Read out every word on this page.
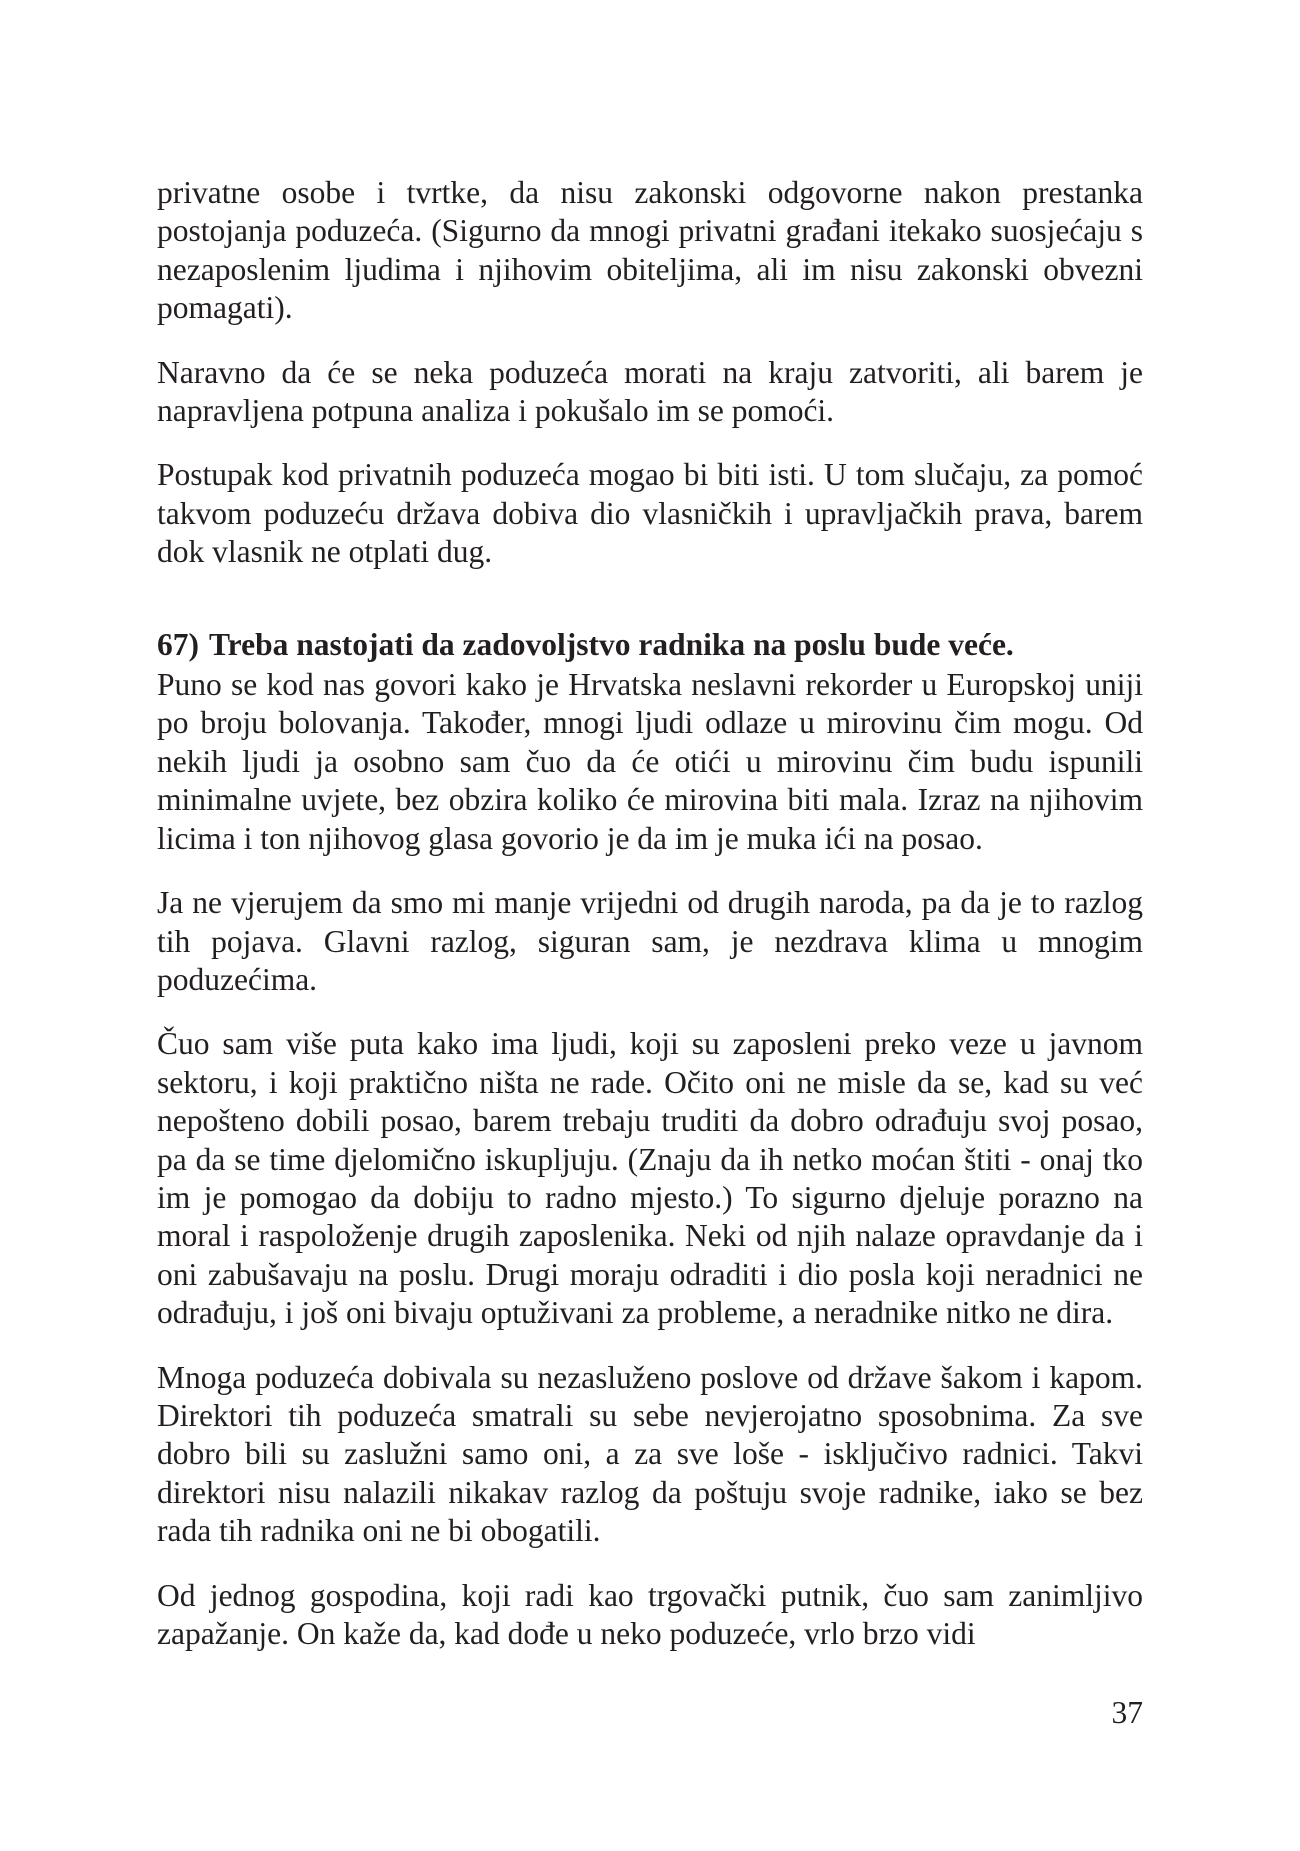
privatne osobe i tvrtke, da nisu zakonski odgovorne nakon prestanka postojanja poduzeća. (Sigurno da mnogi privatni građani itekako suosjećaju s nezaposlenim ljudima i njihovim obiteljima, ali im nisu zakonski obvezni pomagati).

Naravno da će se neka poduzeća morati na kraju zatvoriti, ali barem je napravljena potpuna analiza i pokušalo im se pomoći.

Postupak kod privatnih poduzeća mogao bi biti isti. U tom slučaju, za pomoć takvom poduzeću država dobiva dio vlasničkih i upravljačkih prava, barem dok vlasnik ne otplati dug.

67) Treba nastojati da zadovoljstvo radnika na poslu bude veće.

Puno se kod nas govori kako je Hrvatska neslavni rekorder u Europskoj uniji po broju bolovanja. Također, mnogi ljudi odlaze u mirovinu čim mogu. Od nekih ljudi ja osobno sam čuo da će otići u mirovinu čim budu ispunili minimalne uvjete, bez obzira koliko će mirovina biti mala. Izraz na njihovim licima i ton njihovog glasa govorio je da im je muka ići na posao.

Ja ne vjerujem da smo mi manje vrijedni od drugih naroda, pa da je to razlog tih pojava. Glavni razlog, siguran sam, je nezdrava klima u mnogim poduzećima.

Čuo sam više puta kako ima ljudi, koji su zaposleni preko veze u javnom sektoru, i koji praktično ništa ne rade. Očito oni ne misle da se, kad su već nepošteno dobili posao, barem trebaju truditi da dobro odrađuju svoj posao, pa da se time djelomično iskupljuju. (Znaju da ih netko moćan štiti - onaj tko im je pomogao da dobiju to radno mjesto.) To sigurno djeluje porazno na moral i raspoloženje drugih zaposlenika. Neki od njih nalaze opravdanje da i oni zabušavaju na poslu. Drugi moraju odraditi i dio posla koji neradnici ne odrađuju, i još oni bivaju optuživani za probleme, a neradnike nitko ne dira.

Mnoga poduzeća dobivala su nezasluženo poslove od države šakom i kapom. Direktori tih poduzeća smatrali su sebe nevjerojatno sposobnima. Za sve dobro bili su zaslužni samo oni, a za sve loše - isključivo radnici. Takvi direktori nisu nalazili nikakav razlog da poštuju svoje radnike, iako se bez rada tih radnika oni ne bi obogatili.

Od jednog gospodina, koji radi kao trgovački putnik, čuo sam zanimljivo zapažanje. On kaže da, kad dođe u neko poduzeće, vrlo brzo vidi

37
